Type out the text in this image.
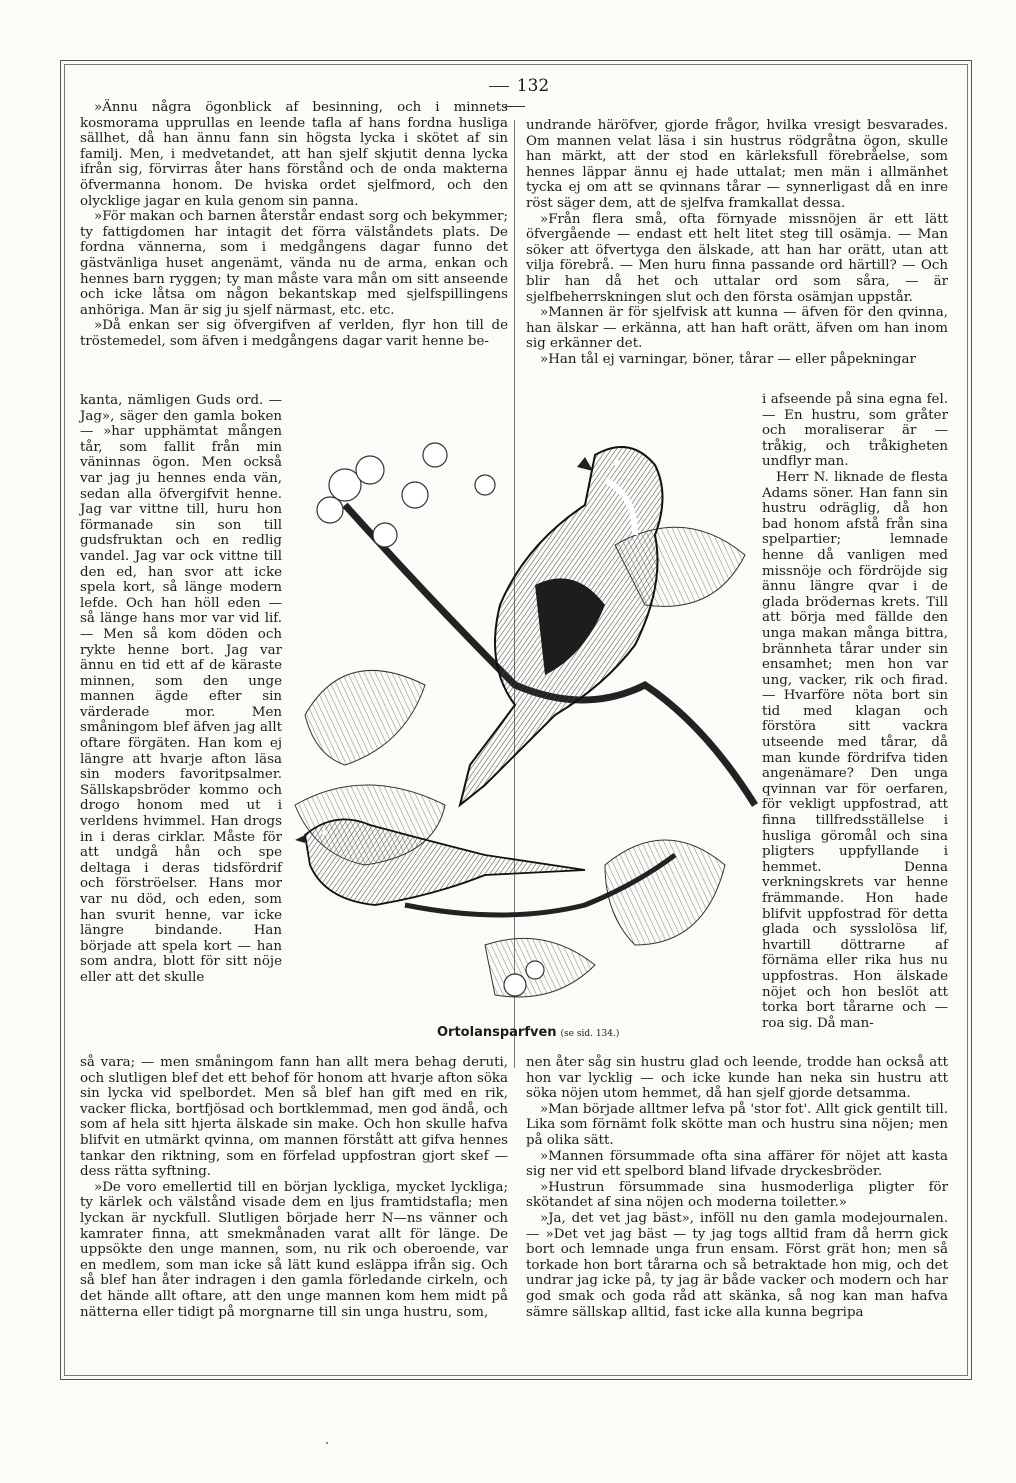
132

»Ännu några ögonblick af besinning, och i minnets kosmorama upprullas en leende tafla af hans fordna husliga sällhet, då han ännu fann sin högsta lycka i skötet af sin familj. Men, i medvetandet, att han sjelf skjutit denna lycka ifrån sig, förvirras åter hans förstånd och de onda makterna öfvermanna honom. De hviska ordet sjelfmord, och den olycklige jagar en kula genom sin panna.

»För makan och barnen återstår endast sorg och bekymmer; ty fattigdomen har intagit det förra välståndets plats. De fordna vännerna, som i medgångens dagar funno det gästvänliga huset angenämt, vända nu de arma, enkan och hennes barn ryggen; ty man måste vara mån om sitt anseende och icke låtsa om någon bekantskap med sjelfspillingens anhöriga. Man är sig ju sjelf närmast, etc. etc.

»Då enkan ser sig öfvergifven af verlden, flyr hon till de tröstemedel, som äfven i medgångens dagar varit henne be-

kanta, nämligen Guds ord. — Jag», säger den gamla boken — »har upphämtat mången tår, som fallit från min väninnas ögon. Men också var jag ju hennes enda vän, sedan alla öfvergifvit henne. Jag var vittne till, huru hon förmanade sin son till gudsfruktan och en redlig vandel. Jag var ock vittne till den ed, han svor att icke spela kort, så länge modern lefde. Och han höll eden — så länge hans mor var vid lif. — Men så kom döden och rykte henne bort. Jag var ännu en tid ett af de käraste minnen, som den unge mannen ägde efter sin värderade mor. Men småningom blef äfven jag allt oftare förgäten. Han kom ej längre att hvarje afton läsa sin moders favoritpsalmer. Sällskapsbröder kommo och drogo honom med ut i verldens hvimmel. Han drogs in i deras cirklar. Måste för att undgå hån och spe deltaga i deras tidsfördrif och förströelser. Hans mor var nu död, och eden, som han svurit henne, var icke längre bindande. Han började att spela kort — han som andra, blott för sitt nöje eller att det skulle

undrande häröfver, gjorde frågor, hvilka vresigt besvarades. Om mannen velat läsa i sin hustrus rödgråtna ögon, skulle han märkt, att der stod en kärleksfull förebråelse, som hennes läppar ännu ej hade uttalat; men män i allmänhet tycka ej om att se qvinnans tårar — synnerligast då en inre röst säger dem, att de sjelfva framkallat dessa.

»Från flera små, ofta förnyade missnöjen är ett lätt öfvergående — endast ett helt litet steg till osämja. — Man söker att öfvertyga den älskade, att han har orätt, utan att vilja förebrå. — Men huru finna passande ord härtill? — Och blir han då het och uttalar ord som såra, — är sjelfbeherrskningen slut och den första osämjan uppstår.

»Mannen är för sjelfvisk att kunna — äfven för den qvinna, han älskar — erkänna, att han haft orätt, äfven om han inom sig erkänner det.

»Han tål ej varningar, böner, tårar — eller påpekningar

i afseende på sina egna fel. — En hustru, som gråter och moraliserar är — tråkig, och tråkigheten undflyr man.

Herr N. liknade de flesta Adams söner. Han fann sin hustru odräglig, då hon bad honom afstå från sina spelpartier; lemnade henne då vanligen med missnöje och fördröjde sig ännu längre qvar i de glada brödernas krets. Till att börja med fällde den unga makan många bittra, brännheta tårar under sin ensamhet; men hon var ung, vacker, rik och firad. — Hvarföre nöta bort sin tid med klagan och förstöra sitt vackra utseende med tårar, då man kunde fördrifva tiden angenämare? Den unga qvinnan var för oerfaren, för vekligt uppfostrad, att finna tillfredsställelse i husliga göromål och sina pligters uppfyllande i hemmet. Denna verkningskrets var henne främmande. Hon hade blifvit uppfostrad för detta glada och sysslolösa lif, hvartill döttrarne af förnäma eller rika hus nu uppfostras. Hon älskade nöjet och hon beslöt att torka bort tårarne och — roa sig. Då man-

Ortolansparfven (se sid. 134.)

så vara; — men småningom fann han allt mera behag deruti, och slutligen blef det ett behof för honom att hvarje afton söka sin lycka vid spelbordet. Men så blef han gift med en rik, vacker flicka, bortfjösad och bortklemmad, men god ändå, och som af hela sitt hjerta älskade sin make. Och hon skulle hafva blifvit en utmärkt qvinna, om mannen förstått att gifva hennes tankar den riktning, som en förfelad uppfostran gjort skef — dess rätta syftning.

»De voro emellertid till en början lyckliga, mycket lyckliga; ty kärlek och välstånd visade dem en ljus framtidstafla; men lyckan är nyckfull. Slutligen började herr N—ns vänner och kamrater finna, att smekmånaden varat allt för länge. De uppsökte den unge mannen, som, nu rik och oberoende, var en medlem, som man icke så lätt kund esläppa ifrån sig. Och så blef han åter indragen i den gamla förledande cirkeln, och det hände allt oftare, att den unge mannen kom hem midt på nätterna eller tidigt på morgnarne till sin unga hustru, som,

nen åter såg sin hustru glad och leende, trodde han också att hon var lycklig — och icke kunde han neka sin hustru att söka nöjen utom hemmet, då han sjelf gjorde detsamma.

»Man började alltmer lefva på 'stor fot'. Allt gick gentilt till. Lika som förnämt folk skötte man och hustru sina nöjen; men på olika sätt.

»Mannen försummade ofta sina affärer för nöjet att kasta sig ner vid ett spelbord bland lifvade dryckesbröder.

»Hustrun försummade sina husmoderliga pligter för skötandet af sina nöjen och moderna toiletter.»

»Ja, det vet jag bäst», inföll nu den gamla modejournalen. — »Det vet jag bäst — ty jag togs alltid fram då herrn gick bort och lemnade unga frun ensam. Först grät hon; men så torkade hon bort tårarna och så betraktade hon mig, och det undrar jag icke på, ty jag är både vacker och modern och har god smak och goda råd att skänka, så nog kan man hafva sämre sällskap alltid, fast icke alla kunna begripa
